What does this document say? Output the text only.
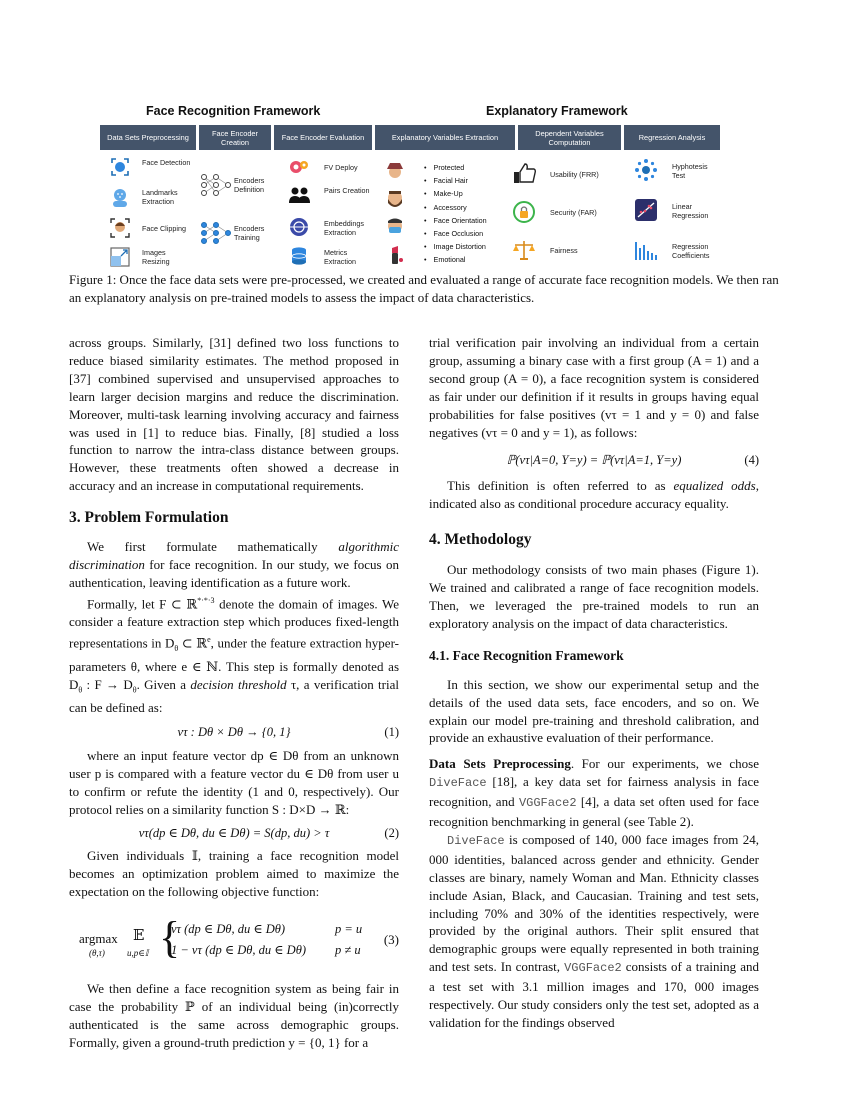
Face Recognition Framework	Explanatory Framework
Data Sets Preprocessing	Face Encoder Creation	Face Encoder Evaluation	Explanatory Variables Extraction	Dependent Variables Computation	Regression Analysis
Face Detection
Landmarks Extraction
Face Clipping
Images Resizing
Encoders Definition
Encoders Training
FV Deploy
Pairs Creation
Embeddings Extraction
Metrics Extraction
• Protected
• Facial Hair
• Make-Up
• Accessory
• Face Orientation
• Face Occlusion
• Image Distortion
• Emotional
Usability (FRR)
Security (FAR)
Fairness
Hyphotesis Test
Linear Regression
Regression Coefficients
Figure 1: Once the face data sets were pre-processed, we created and evaluated a range of accurate face recognition models. We then ran an explanatory analysis on pre-trained models to assess the impact of data characteristics.

across groups. Similarly, [31] defined two loss functions to reduce biased similarity estimates. The method proposed in [37] combined supervised and unsupervised approaches to learn larger decision margins and reduce the discrimination. Moreover, multi-task learning involving accuracy and fairness was used in [1] to reduce bias. Finally, [8] studied a loss function to narrow the intra-class distance between groups. However, these treatments often showed a decrease in accuracy and an increase in computational requirements.

3. Problem Formulation

We first formulate mathematically algorithmic discrimination for face recognition. In our study, we focus on authentication, leaving identification as a future work.

Formally, let F ⊂ ℝ$^{*\cdot*\cdot 3}$ denote the domain of images. We consider a feature extraction step which produces fixed-length representations in $D_\theta$ ⊂ ℝ$^e$, under the feature extraction hyper-parameters θ, where e ∈ ℕ. This step is formally denoted as $D_\theta$ : $F \to D_\theta$. Given a decision threshold τ, a verification trial can be defined as:

vτ : Dθ × Dθ → {0, 1}	(1)

where an input feature vector dp ∈ Dθ from an unknown user p is compared with a feature vector du ∈ Dθ from user u to confirm or refute the identity (1 and 0, respectively). Our protocol relies on a similarity function S : D×D → ℝ:

vτ(dp ∈ Dθ, du ∈ Dθ) = S(dp, du) > τ	(2)

Given individuals 𝕀, training a face recognition model becomes an optimization problem aimed to maximize the expectation on the following objective function:

argmax
(θ,τ)
𝔼
u,p∈𝕀 {
vτ (dp ∈ Dθ, du ∈ Dθ)	p = u
1 − vτ (dp ∈ Dθ, du ∈ Dθ) p ≠ u
(3)

We then define a face recognition system as being fair in case the probability ℙ of an individual being (in)correctly authenticated is the same across demographic groups. Formally, given a ground-truth prediction y = {0, 1} for a

trial verification pair involving an individual from a certain group, assuming a binary case with a first group (A = 1) and a second group (A = 0), a face recognition system is considered as fair under our definition if it results in groups having equal probabilities for false positives (vτ = 1 and y = 0) and false negatives (vτ = 0 and y = 1), as follows:

ℙ(vτ|A=0, Y=y) = ℙ(vτ|A=1, Y=y)	(4)

This definition is often referred to as equalized odds, indicated also as conditional procedure accuracy equality.

4. Methodology

Our methodology consists of two main phases (Figure 1). We trained and calibrated a range of face recognition models. Then, we leveraged the pre-trained models to run an exploratory analysis on the impact of data characteristics.

4.1. Face Recognition Framework

In this section, we show our experimental setup and the details of the used data sets, face encoders, and so on. We explain our model pre-training and threshold calibration, and provide an exhaustive evaluation of their performance.

Data Sets Preprocessing. For our experiments, we chose DiveFace [18], a key data set for fairness analysis in face recognition, and VGGFace2 [4], a data set often used for face recognition benchmarking in general (see Table 2).

DiveFace is composed of 140, 000 face images from 24, 000 identities, balanced across gender and ethnicity. Gender classes are binary, namely Woman and Man. Ethnicity classes include Asian, Black, and Caucasian. Training and test sets, including 70% and 30% of the identities respectively, were provided by the original authors. Their split ensured that demographic groups were equally represented in both training and test sets. In contrast, VGGFace2 consists of a training and a test set with 3.1 million images and 170, 000 images respectively. Our study considers only the test set, adopted as a validation for the findings observed
